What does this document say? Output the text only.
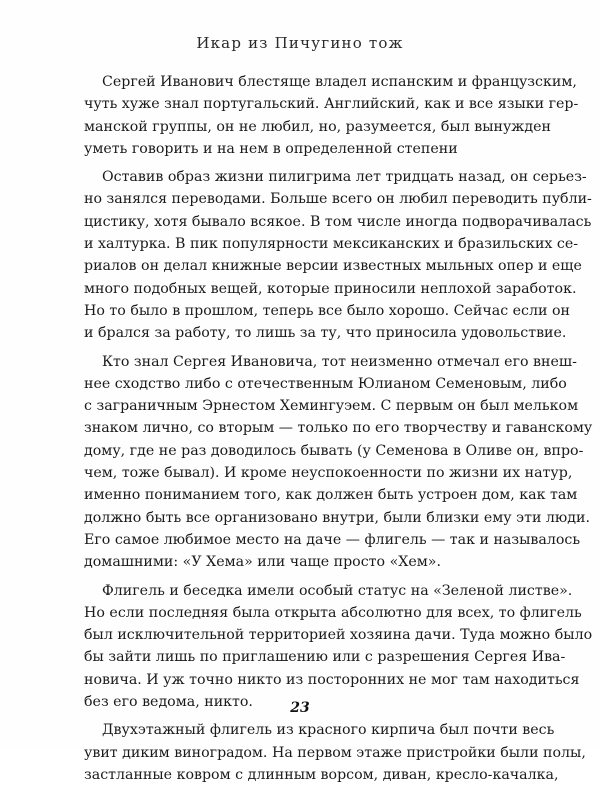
Икар из Пичугино тож
Сергей Иванович блестяще владел испанским и французским,
чуть хуже знал португальский. Английский, как и все языки гер-
манской группы, он не любил, но, разумеется, был вынужден
уметь говорить и на нем в определенной степени
Оставив образ жизни пилигрима лет тридцать назад, он серьез-
но занялся переводами. Больше всего он любил переводить публи-
цистику, хотя бывало всякое. В том числе иногда подворачивалась
и халтурка. В пик популярности мексиканских и бразильских се-
риалов он делал книжные версии известных мыльных опер и еще
много подобных вещей, которые приносили неплохой заработок.
Но то было в прошлом, теперь все было хорошо. Сейчас если он
и брался за работу, то лишь за ту, что приносила удовольствие.
Кто знал Сергея Ивановича, тот неизменно отмечал его внеш-
нее сходство либо с отечественным Юлианом Семеновым, либо
с заграничным Эрнестом Хемингуэем. С первым он был мельком
знаком лично, со вторым — только по его творчеству и гаванскому
дому, где не раз доводилось бывать (у Семенова в Оливе он, впро-
чем, тоже бывал). И кроме неуспокоенности по жизни их натур,
именно пониманием того, как должен быть устроен дом, как там
должно быть все организовано внутри, были близки ему эти люди.
Его самое любимое место на даче — флигель — так и называлось
домашними: «У Хема» или чаще просто «Хем».
Флигель и беседка имели особый статус на «Зеленой листве».
Но если последняя была открыта абсолютно для всех, то флигель
был исключительной территорией хозяина дачи. Туда можно было
бы зайти лишь по приглашению или с разрешения Сергея Ива-
новича. И уж точно никто из посторонних не мог там находиться
без его ведома, никто.
Двухэтажный флигель из красного кирпича был почти весь
увит диким виноградом. На первом этаже пристройки были полы,
застланные ковром с длинным ворсом, диван, кресло-качалка,
23
